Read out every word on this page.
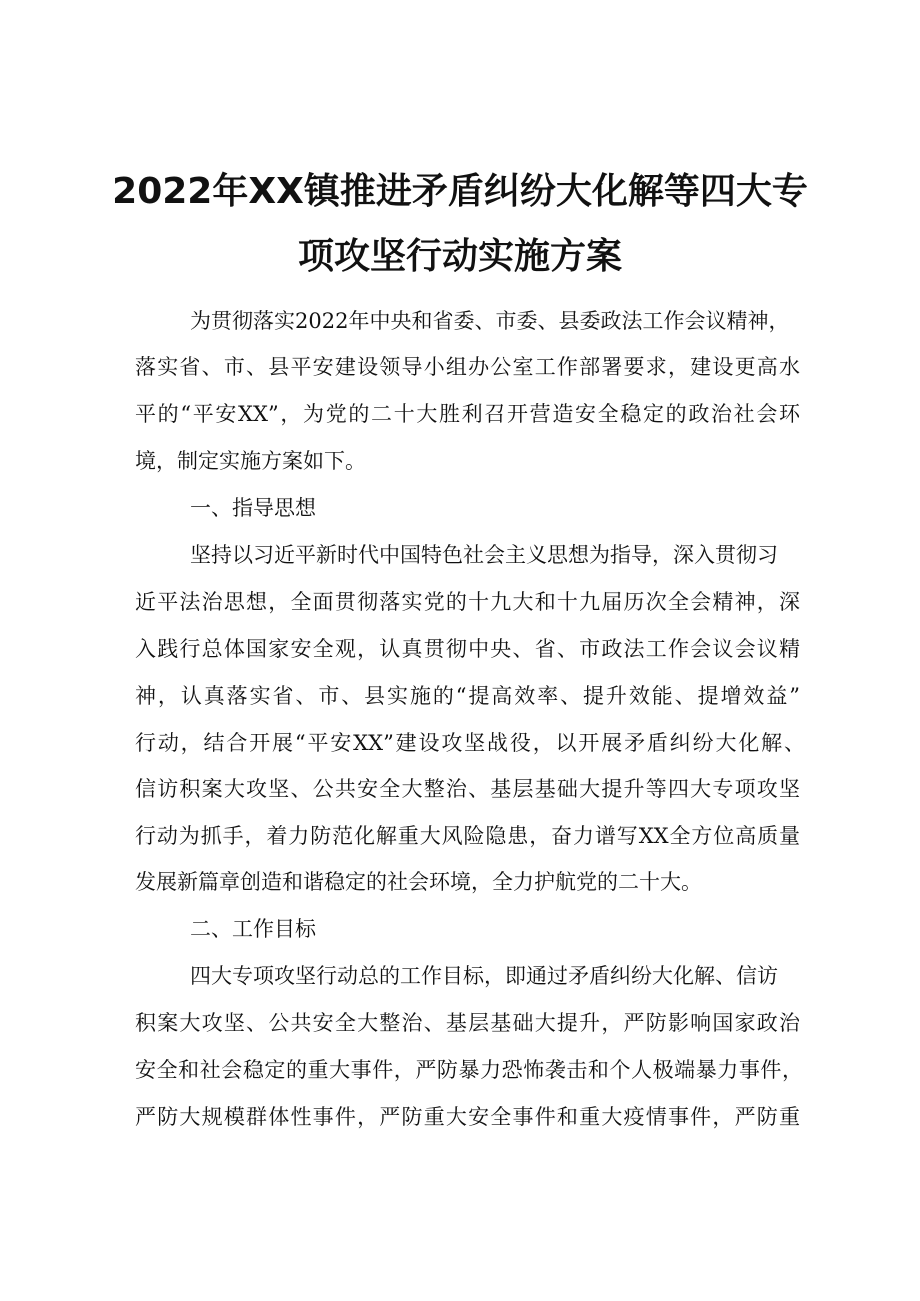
2022年XX镇推进矛盾纠纷大化解等四大专
项攻坚行动实施方案
为贯彻落实2022年中央和省委、市委、县委政法工作会议精神，
落实省、市、县平安建设领导小组办公室工作部署要求，建设更高水
平的“平安XX”，为党的二十大胜利召开营造安全稳定的政治社会环
境，制定实施方案如下。
一、指导思想
坚持以习近平新时代中国特色社会主义思想为指导，深入贯彻习
近平法治思想，全面贯彻落实党的十九大和十九届历次全会精神，深
入践行总体国家安全观，认真贯彻中央、省、市政法工作会议会议精
神，认真落实省、市、县实施的“提高效率、提升效能、提增效益”
行动，结合开展“平安XX”建设攻坚战役，以开展矛盾纠纷大化解、
信访积案大攻坚、公共安全大整治、基层基础大提升等四大专项攻坚
行动为抓手，着力防范化解重大风险隐患，奋力谱写XX全方位高质量
发展新篇章创造和谐稳定的社会环境，全力护航党的二十大。
二、工作目标
四大专项攻坚行动总的工作目标，即通过矛盾纠纷大化解、信访
积案大攻坚、公共安全大整治、基层基础大提升，严防影响国家政治
安全和社会稳定的重大事件，严防暴力恐怖袭击和个人极端暴力事件，
严防大规模群体性事件，严防重大安全事件和重大疫情事件，严防重
